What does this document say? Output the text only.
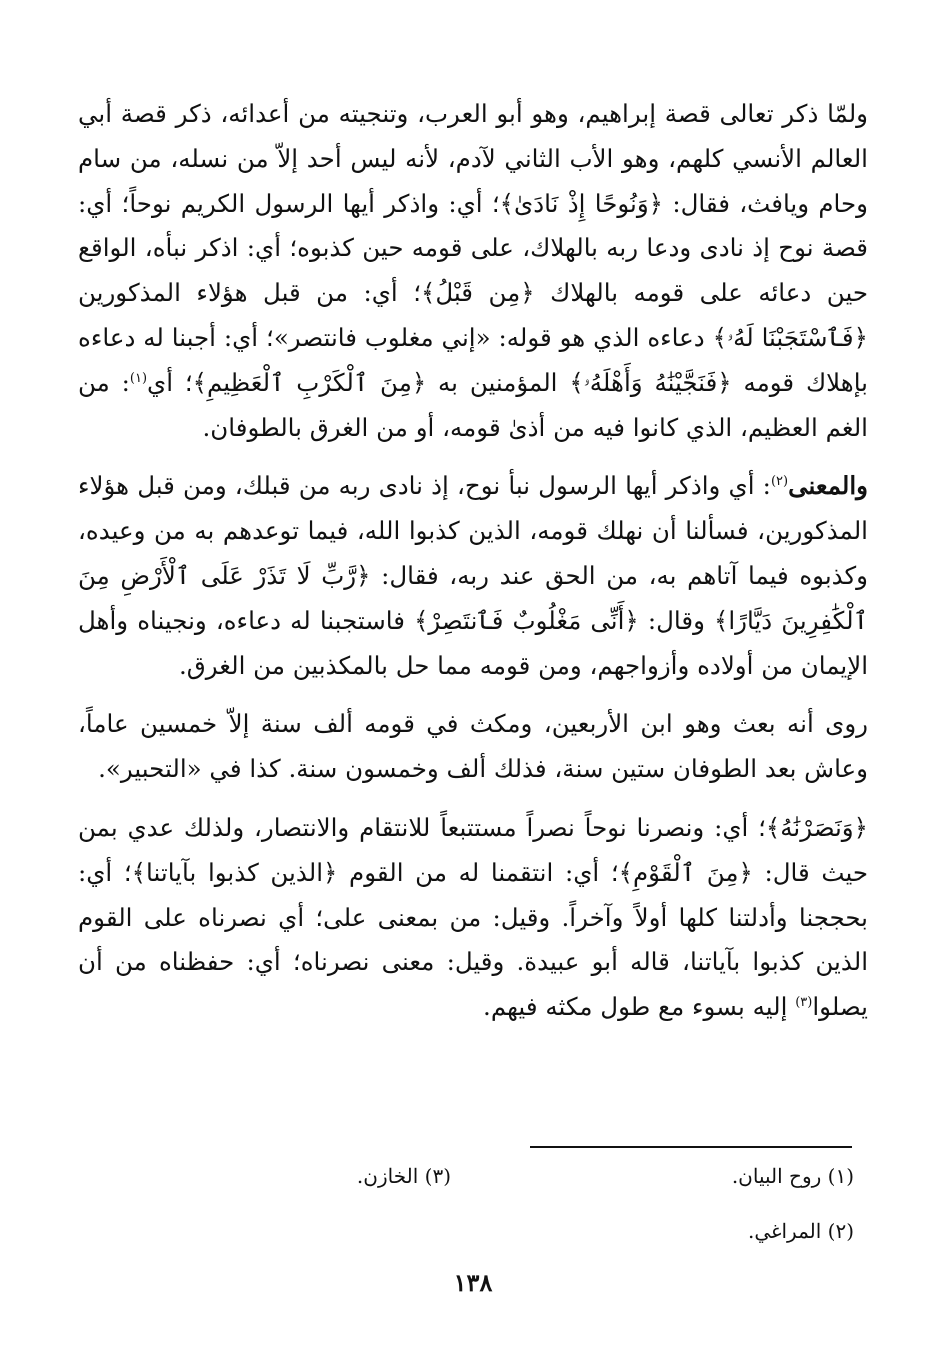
ولمّا ذكر تعالى قصة إبراهيم، وهو أبو العرب، وتنجيته من أعدائه، ذكر قصة أبي العالم الأنسي كلهم، وهو الأب الثاني لآدم، لأنه ليس أحد إلاّ من نسله، من سام وحام ويافث، فقال: ﴿وَنُوحًا إِذْ نَادَىٰ﴾؛ أي: واذكر أيها الرسول الكريم نوحاً؛ أي: قصة نوح إذ نادى ودعا ربه بالهلاك، على قومه حين كذبوه؛ أي: اذكر نبأه، الواقع حين دعائه على قومه بالهلاك ﴿مِن قَبْلُ﴾؛ أي: من قبل هؤلاء المذكورين ﴿فَٱسْتَجَبْنَا لَهُۥ﴾ دعاءه الذي هو قوله: «إني مغلوب فانتصر»؛ أي: أجبنا له دعاءه بإهلاك قومه ﴿فَنَجَّيْنَٰهُ وَأَهْلَهُۥ﴾ المؤمنين به ﴿مِنَ ٱلْكَرْبِ ٱلْعَظِيمِ﴾؛ أي$^{(١)}$: من الغم العظيم، الذي كانوا فيه من أذىٰ قومه، أو من الغرق بالطوفان.

والمعنى$^{(٢)}$: أي واذكر أيها الرسول نبأ نوح، إذ نادى ربه من قبلك، ومن قبل هؤلاء المذكورين، فسألنا أن نهلك قومه، الذين كذبوا الله، فيما توعدهم به من وعيده، وكذبوه فيما آتاهم به، من الحق عند ربه، فقال: ﴿رَّبِّ لَا تَذَرْ عَلَى ٱلْأَرْضِ مِنَ ٱلْكَٰفِرِينَ دَيَّارًا﴾ وقال: ﴿أَنِّى مَغْلُوبٌ فَٱنتَصِرْ﴾ فاستجبنا له دعاءه، ونجيناه وأهل الإيمان من أولاده وأزواجهم، ومن قومه مما حل بالمكذبين من الغرق.

روى أنه بعث وهو ابن الأربعين، ومكث في قومه ألف سنة إلاّ خمسين عاماً، وعاش بعد الطوفان ستين سنة، فذلك ألف وخمسون سنة. كذا في «التحبير».

﴿وَنَصَرْنَٰهُ﴾؛ أي: ونصرنا نوحاً نصراً مستتبعاً للانتقام والانتصار، ولذلك عدي بمن حيث قال: ﴿مِنَ ٱلْقَوْمِ﴾؛ أي: انتقمنا له من القوم ﴿الذين كذبوا بآياتنا﴾؛ أي: بحججنا وأدلتنا كلها أولاً وآخراً. وقيل: من بمعنى على؛ أي نصرناه على القوم الذين كذبوا بآياتنا، قاله أبو عبيدة. وقيل: معنى نصرناه؛ أي: حفظناه من أن يصلوا$^{(٣)}$ إليه بسوء مع طول مكثه فيهم.

(١) روح البيان.
(٣) الخازن.
(٢) المراغي.
١٣٨
